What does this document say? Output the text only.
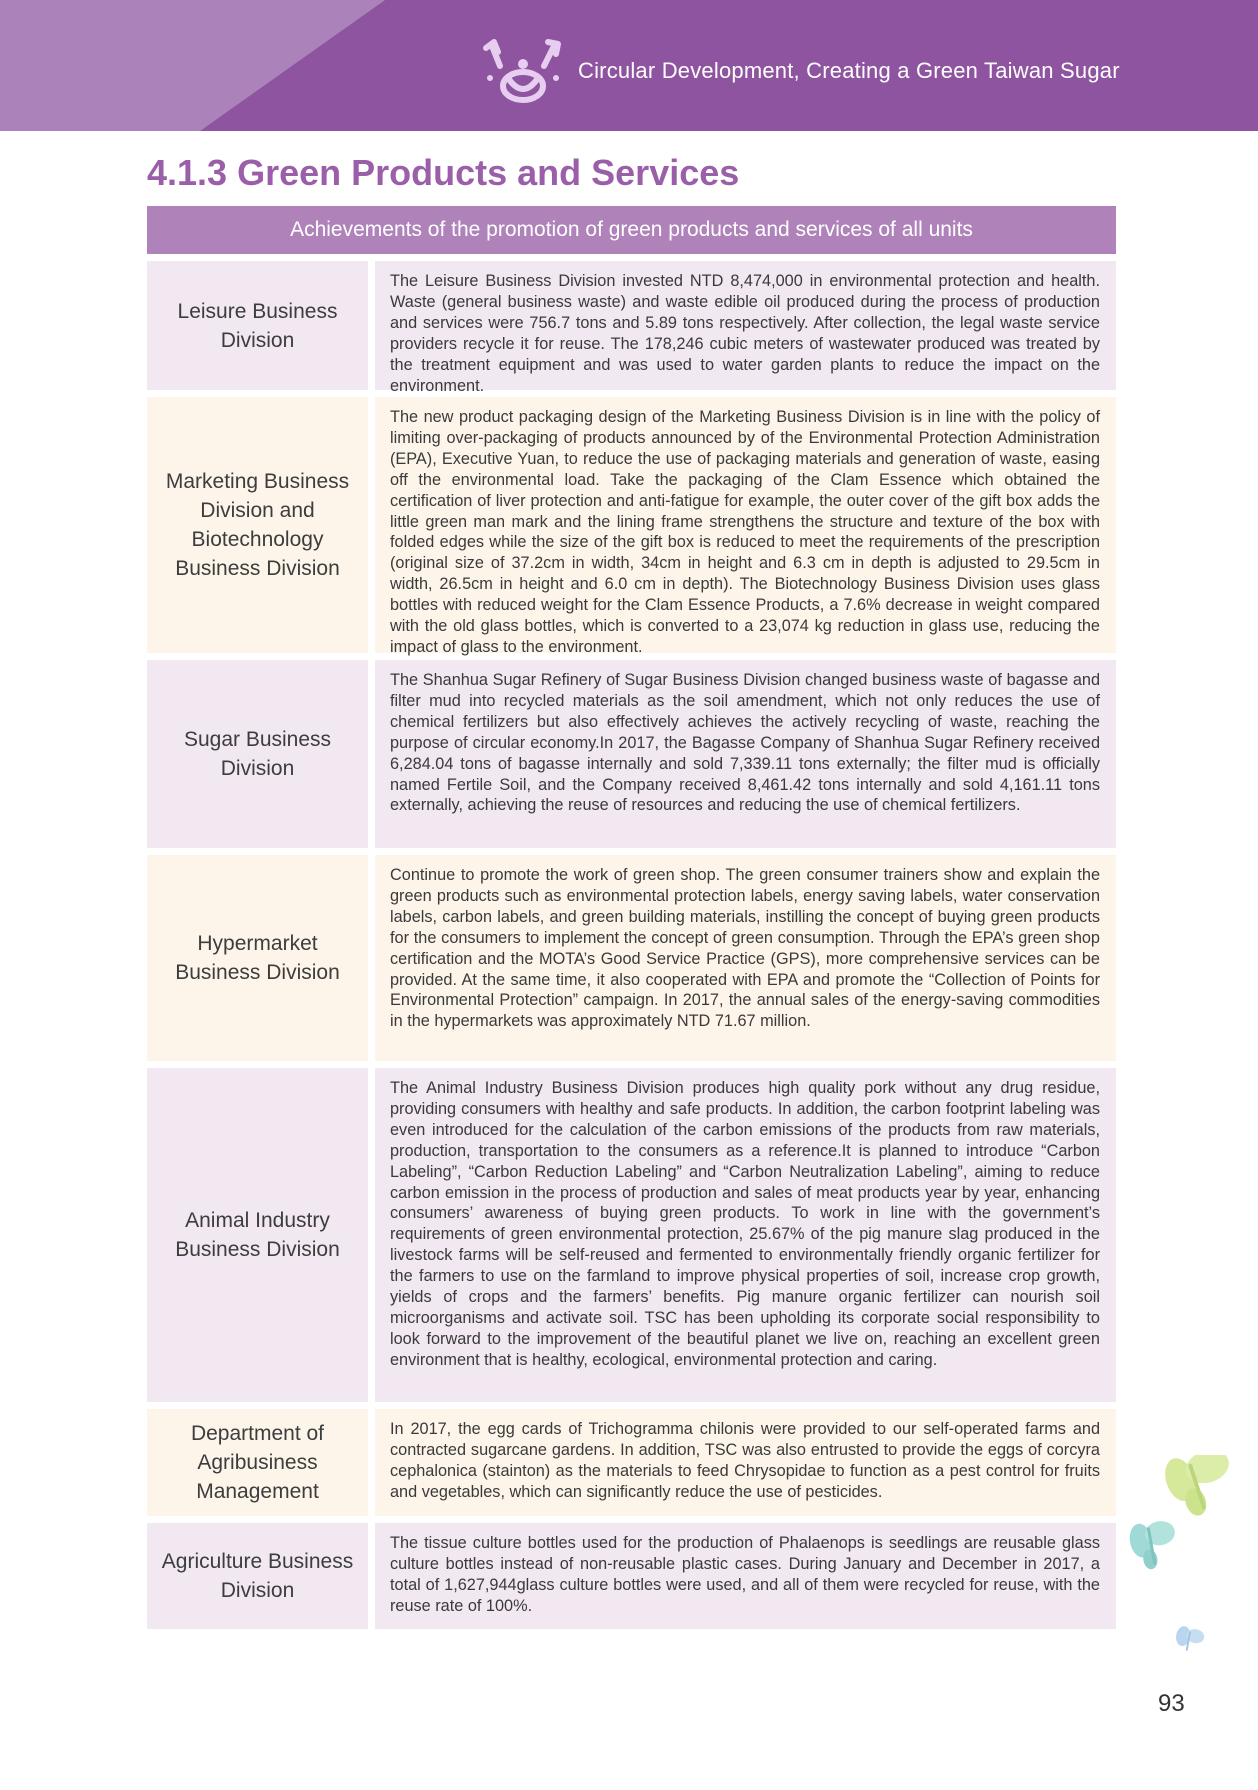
Circular Development, Creating a Green Taiwan Sugar
4.1.3 Green Products and Services
Achievements of the promotion of green products and services of all units
Leisure Business Division
The Leisure Business Division invested NTD 8,474,000 in environmental protection and health. Waste (general business waste) and waste edible oil produced during the process of production and services were 756.7 tons and 5.89 tons respectively. After collection, the legal waste service providers recycle it for reuse. The 178,246 cubic meters of wastewater produced was treated by the treatment equipment and was used to water garden plants to reduce the impact on the environment.
Marketing Business Division and Biotechnology Business Division
The new product packaging design of the Marketing Business Division is in line with the policy of limiting over-packaging of products announced by of the Environmental Protection Administration (EPA), Executive Yuan, to reduce the use of packaging materials and generation of waste, easing off the environmental load. Take the packaging of the Clam Essence which obtained the certification of liver protection and anti-fatigue for example, the outer cover of the gift box adds the little green man mark and the lining frame strengthens the structure and texture of the box with folded edges while the size of the gift box is reduced to meet the requirements of the prescription (original size of 37.2cm in width, 34cm in height and 6.3 cm in depth is adjusted to 29.5cm in width, 26.5cm in height and 6.0 cm in depth). The Biotechnology Business Division uses glass bottles with reduced weight for the Clam Essence Products, a 7.6% decrease in weight compared with the old glass bottles, which is converted to a 23,074 kg reduction in glass use, reducing the impact of glass to the environment.
Sugar Business Division
The Shanhua Sugar Refinery of Sugar Business Division changed business waste of bagasse and filter mud into recycled materials as the soil amendment, which not only reduces the use of chemical fertilizers but also effectively achieves the actively recycling of waste, reaching the purpose of circular economy.In 2017, the Bagasse Company of Shanhua Sugar Refinery received 6,284.04 tons of bagasse internally and sold 7,339.11 tons externally; the filter mud is officially named Fertile Soil, and the Company received 8,461.42 tons internally and sold 4,161.11 tons externally, achieving the reuse of resources and reducing the use of chemical fertilizers.
Hypermarket Business Division
Continue to promote the work of green shop. The green consumer trainers show and explain the green products such as environmental protection labels, energy saving labels, water conservation labels, carbon labels, and green building materials, instilling the concept of buying green products for the consumers to implement the concept of green consumption. Through the EPA’s green shop certification and the MOTA’s Good Service Practice (GPS), more comprehensive services can be provided. At the same time, it also cooperated with EPA and promote the “Collection of Points for Environmental Protection” campaign. In 2017, the annual sales of the energy-saving commodities in the hypermarkets was approximately NTD 71.67 million.
Animal Industry Business Division
The Animal Industry Business Division produces high quality pork without any drug residue, providing consumers with healthy and safe products. In addition, the carbon footprint labeling was even introduced for the calculation of the carbon emissions of the products from raw materials, production, transportation to the consumers as a reference.It is planned to introduce “Carbon Labeling”, “Carbon Reduction Labeling” and “Carbon Neutralization Labeling”, aiming to reduce carbon emission in the process of production and sales of meat products year by year, enhancing consumers’ awareness of buying green products. To work in line with the government’s requirements of green environmental protection, 25.67% of the pig manure slag produced in the livestock farms will be self-reused and fermented to environmentally friendly organic fertilizer for the farmers to use on the farmland to improve physical properties of soil, increase crop growth, yields of crops and the farmers’ benefits. Pig manure organic fertilizer can nourish soil microorganisms and activate soil. TSC has been upholding its corporate social responsibility to look forward to the improvement of the beautiful planet we live on, reaching an excellent green environment that is healthy, ecological, environmental protection and caring.
Department of Agribusiness Management
In 2017, the egg cards of Trichogramma chilonis were provided to our self-operated farms and contracted sugarcane gardens. In addition, TSC was also entrusted to provide the eggs of corcyra cephalonica (stainton) as the materials to feed Chrysopidae to function as a pest control for fruits and vegetables, which can significantly reduce the use of pesticides.
Agriculture Business Division
The tissue culture bottles used for the production of Phalaenops is seedlings are reusable glass culture bottles instead of non-reusable plastic cases. During January and December in 2017, a total of 1,627,944glass culture bottles were used, and all of them were recycled for reuse, with the reuse rate of 100%.
93
